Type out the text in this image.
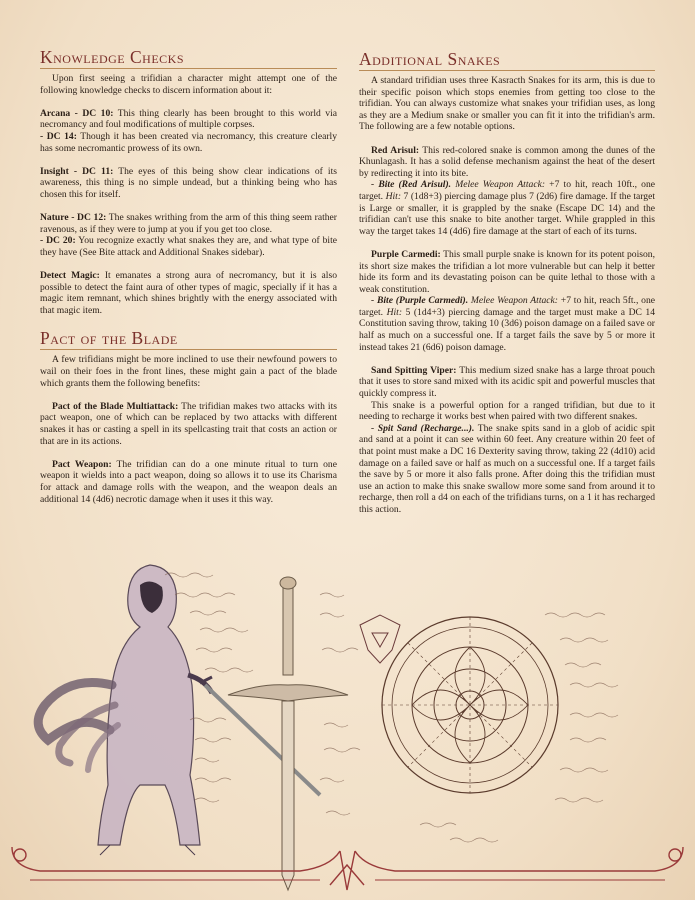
Knowledge Checks

Upon first seeing a trifidian a character might attempt one of the following knowledge checks to discern information about it:

Arcana - DC 10: This thing clearly has been brought to this world via necromancy and foul modifications of multiple corpses.

- DC 14: Though it has been created via necromancy, this creature clearly has some necromantic prowess of its own.

Insight - DC 11: The eyes of this being show clear indications of its awareness, this thing is no simple undead, but a thinking being who has chosen this for itself.

Nature - DC 12: The snakes writhing from the arm of this thing seem rather ravenous, as if they were to jump at you if you get too close.

- DC 20: You recognize exactly what snakes they are, and what type of bite they have (See Bite attack and Additional Snakes sidebar).

Detect Magic: It emanates a strong aura of necromancy, but it is also possible to detect the faint aura of other types of magic, specially if it has a magic item remnant, which shines brightly with the energy associated with that magic item.

Pact of the Blade

A few trifidians might be more inclined to use their newfound powers to wail on their foes in the front lines, these might gain a pact of the blade which grants them the following benefits:

Pact of the Blade Multiattack: The trifidian makes two attacks with its pact weapon, one of which can be replaced by two attacks with different snakes it has or casting a spell in its spellcasting trait that costs an action or that are in its actions.

Pact Weapon: The trifidian can do a one minute ritual to turn one weapon it wields into a pact weapon, doing so allows it to use its Charisma for attack and damage rolls with the weapon, and the weapon deals an additional 14 (4d6) necrotic damage when it uses it this way.

Additional Snakes

A standard trifidian uses three Kasracth Snakes for its arm, this is due to their specific poison which stops enemies from getting too close to the trifidian. You can always customize what snakes your trifidian uses, as long as they are a Medium snake or smaller you can fit it into the trifidian's arm. The following are a few notable options.

Red Arisul: This red-colored snake is common among the dunes of the Khunlagash. It has a solid defense mechanism against the heat of the desert by redirecting it into its bite.

- Bite (Red Arisul). Melee Weapon Attack: +7 to hit, reach 10ft., one target. Hit: 7 (1d8+3) piercing damage plus 7 (2d6) fire damage. If the target is Large or smaller, it is grappled by the snake (Escape DC 14) and the trifidian can't use this snake to bite another target. While grappled in this way the target takes 14 (4d6) fire damage at the start of each of its turns.

Purple Carmedi: This small purple snake is known for its potent poison, its short size makes the trifidian a lot more vulnerable but can help it better hide its form and its devastating poison can be quite lethal to those with a weak constitution.

- Bite (Purple Carmedi). Melee Weapon Attack: +7 to hit, reach 5ft., one target. Hit: 5 (1d4+3) piercing damage and the target must make a DC 14 Constitution saving throw, taking 10 (3d6) poison damage on a failed save or half as much on a successful one. If a target fails the save by 5 or more it instead takes 21 (6d6) poison damage.

Sand Spitting Viper: This medium sized snake has a large throat pouch that it uses to store sand mixed with its acidic spit and powerful muscles that quickly compress it.

This snake is a powerful option for a ranged trifidian, but due to it needing to recharge it works best when paired with two different snakes.

- Spit Sand (Recharge...). The snake spits sand in a glob of acidic spit and sand at a point it can see within 60 feet. Any creature within 20 feet of that point must make a DC 16 Dexterity saving throw, taking 22 (4d10) acid damage on a failed save or half as much on a successful one. If a target fails the save by 5 or more it also falls prone. After doing this the trifidian must use an action to make this snake swallow more some sand from around it to recharge, then roll a d4 on each of the trifidians turns, on a 1 it has recharged this action.
